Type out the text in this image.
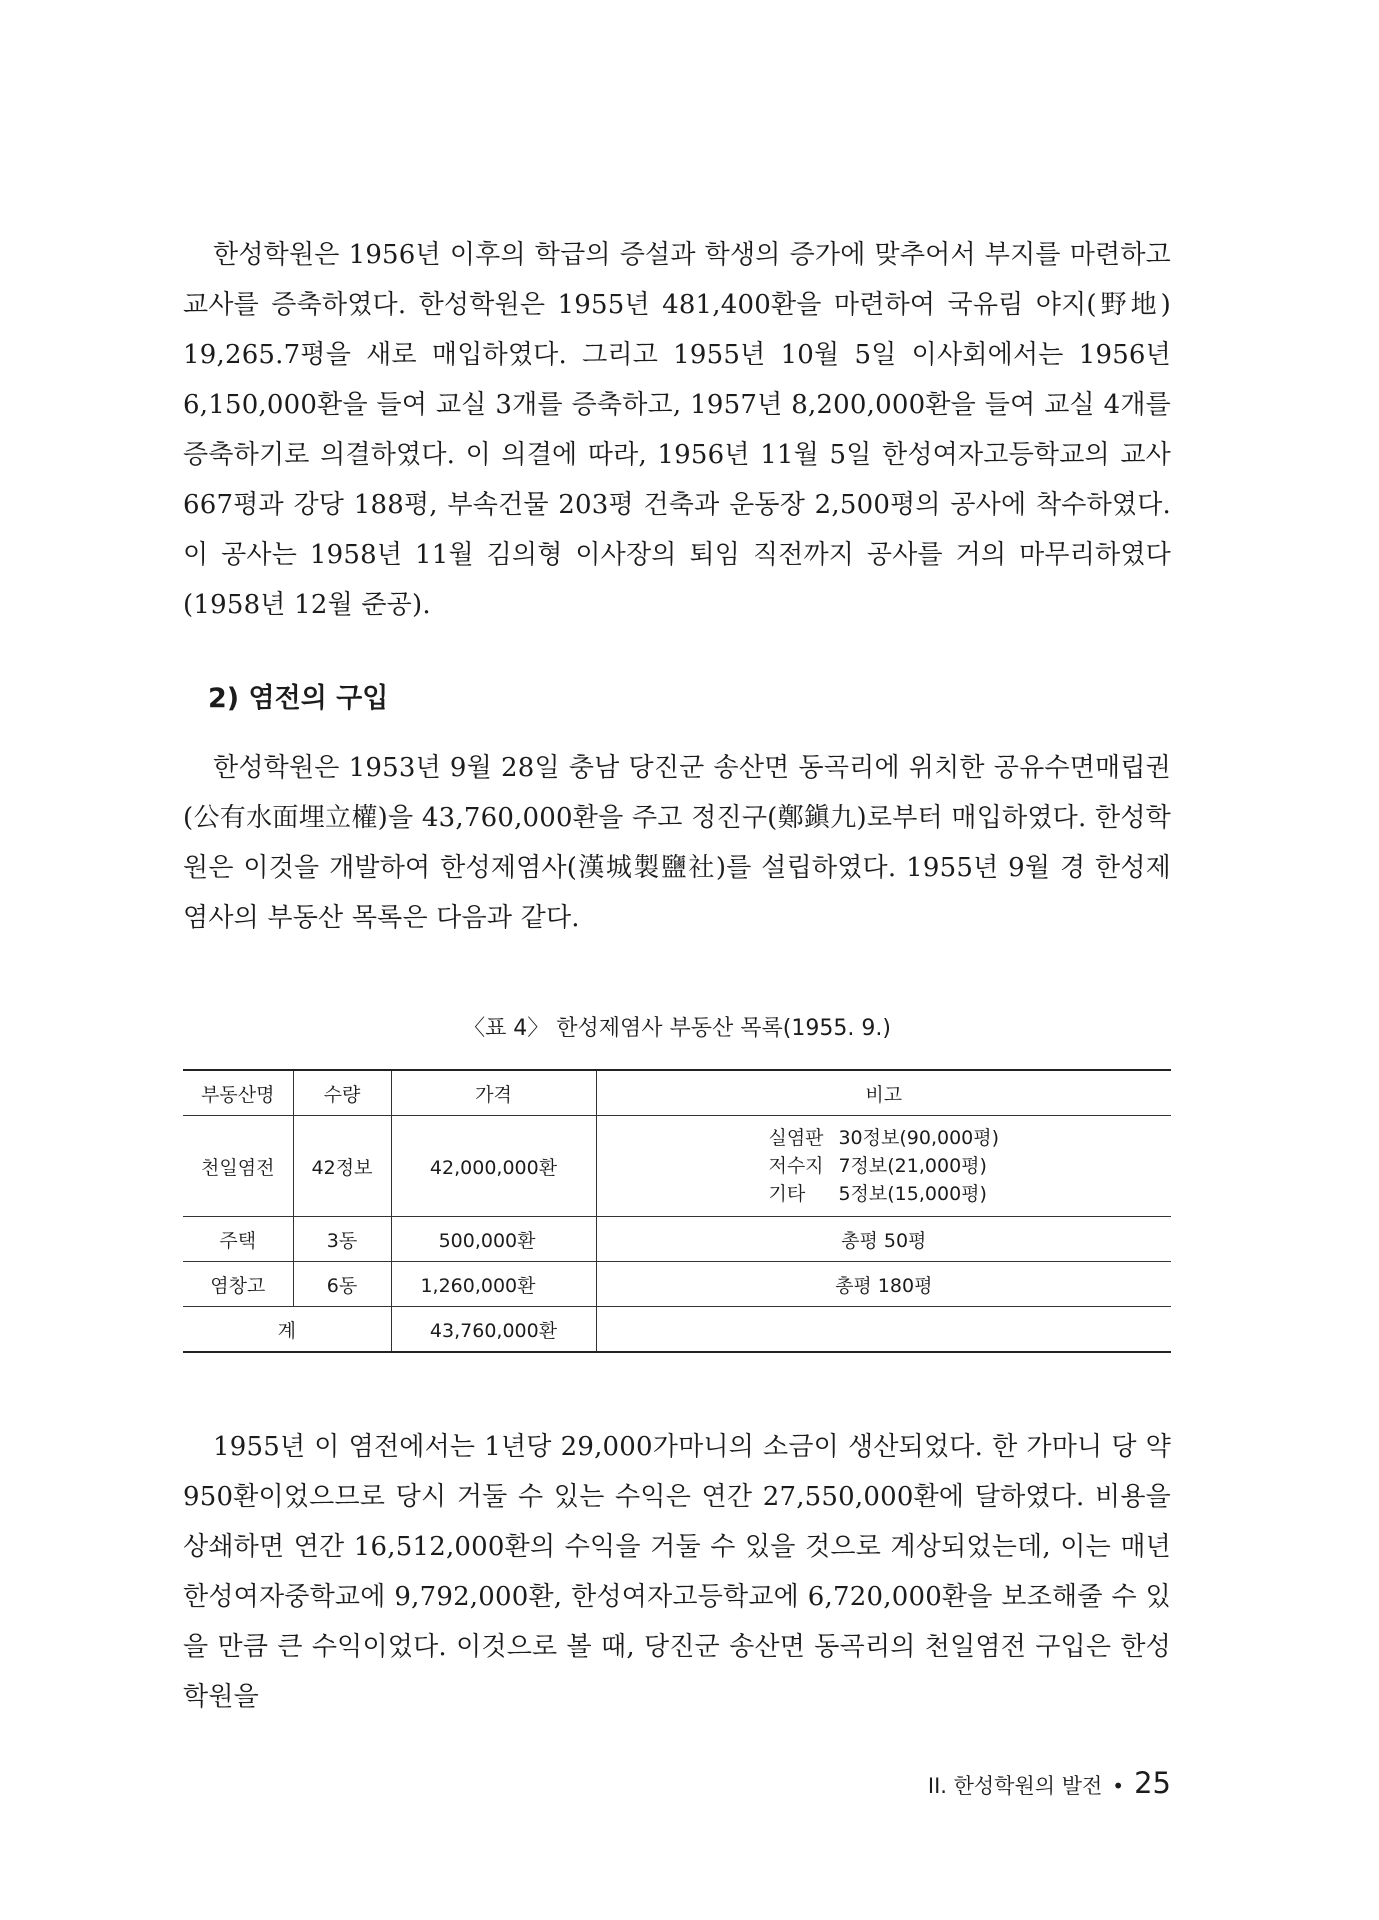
한성학원은 1956년 이후의 학급의 증설과 학생의 증가에 맞추어서 부지를 마련하고 교사를 증축하였다. 한성학원은 1955년 481,400환을 마련하여 국유림 야지(野地) 19,265.7평을 새로 매입하였다. 그리고 1955년 10월 5일 이사회에서는 1956년 6,150,000환을 들여 교실 3개를 증축하고, 1957년 8,200,000환을 들여 교실 4개를 증축하기로 의결하였다. 이 의결에 따라, 1956년 11월 5일 한성여자고등학교의 교사 667평과 강당 188평, 부속건물 203평 건축과 운동장 2,500평의 공사에 착수하였다. 이 공사는 1958년 11월 김의형 이사장의 퇴임 직전까지 공사를 거의 마무리하였다(1958년 12월 준공).

2) 염전의 구입

한성학원은 1953년 9월 28일 충남 당진군 송산면 동곡리에 위치한 공유수면매립권(公有水面埋立權)을 43,760,000환을 주고 정진구(鄭鎭九)로부터 매입하였다. 한성학원은 이것을 개발하여 한성제염사(漢城製鹽社)를 설립하였다. 1955년 9월 경 한성제염사의 부동산 목록은 다음과 같다.

〈표 4〉 한성제염사 부동산 목록(1955. 9.)

부동산명	수량	가격	비고
천일염전	42정보	42,000,000환	실염판 30정보(90,000평)
저수지 7정보(21,000평)
기타 5정보(15,000평)

주택	3동	500,000환	총평 50평
염창고	6동	1,260,000환	총평 180평
계		43,760,000환	

1955년 이 염전에서는 1년당 29,000가마니의 소금이 생산되었다. 한 가마니 당 약 950환이었으므로 당시 거둘 수 있는 수익은 연간 27,550,000환에 달하였다. 비용을 상쇄하면 연간 16,512,000환의 수익을 거둘 수 있을 것으로 계상되었는데, 이는 매년 한성여자중학교에 9,792,000환, 한성여자고등학교에 6,720,000환을 보조해줄 수 있을 만큼 큰 수익이었다. 이것으로 볼 때, 당진군 송산면 동곡리의 천일염전 구입은 한성학원을

II. 한성학원의 발전 • 25
